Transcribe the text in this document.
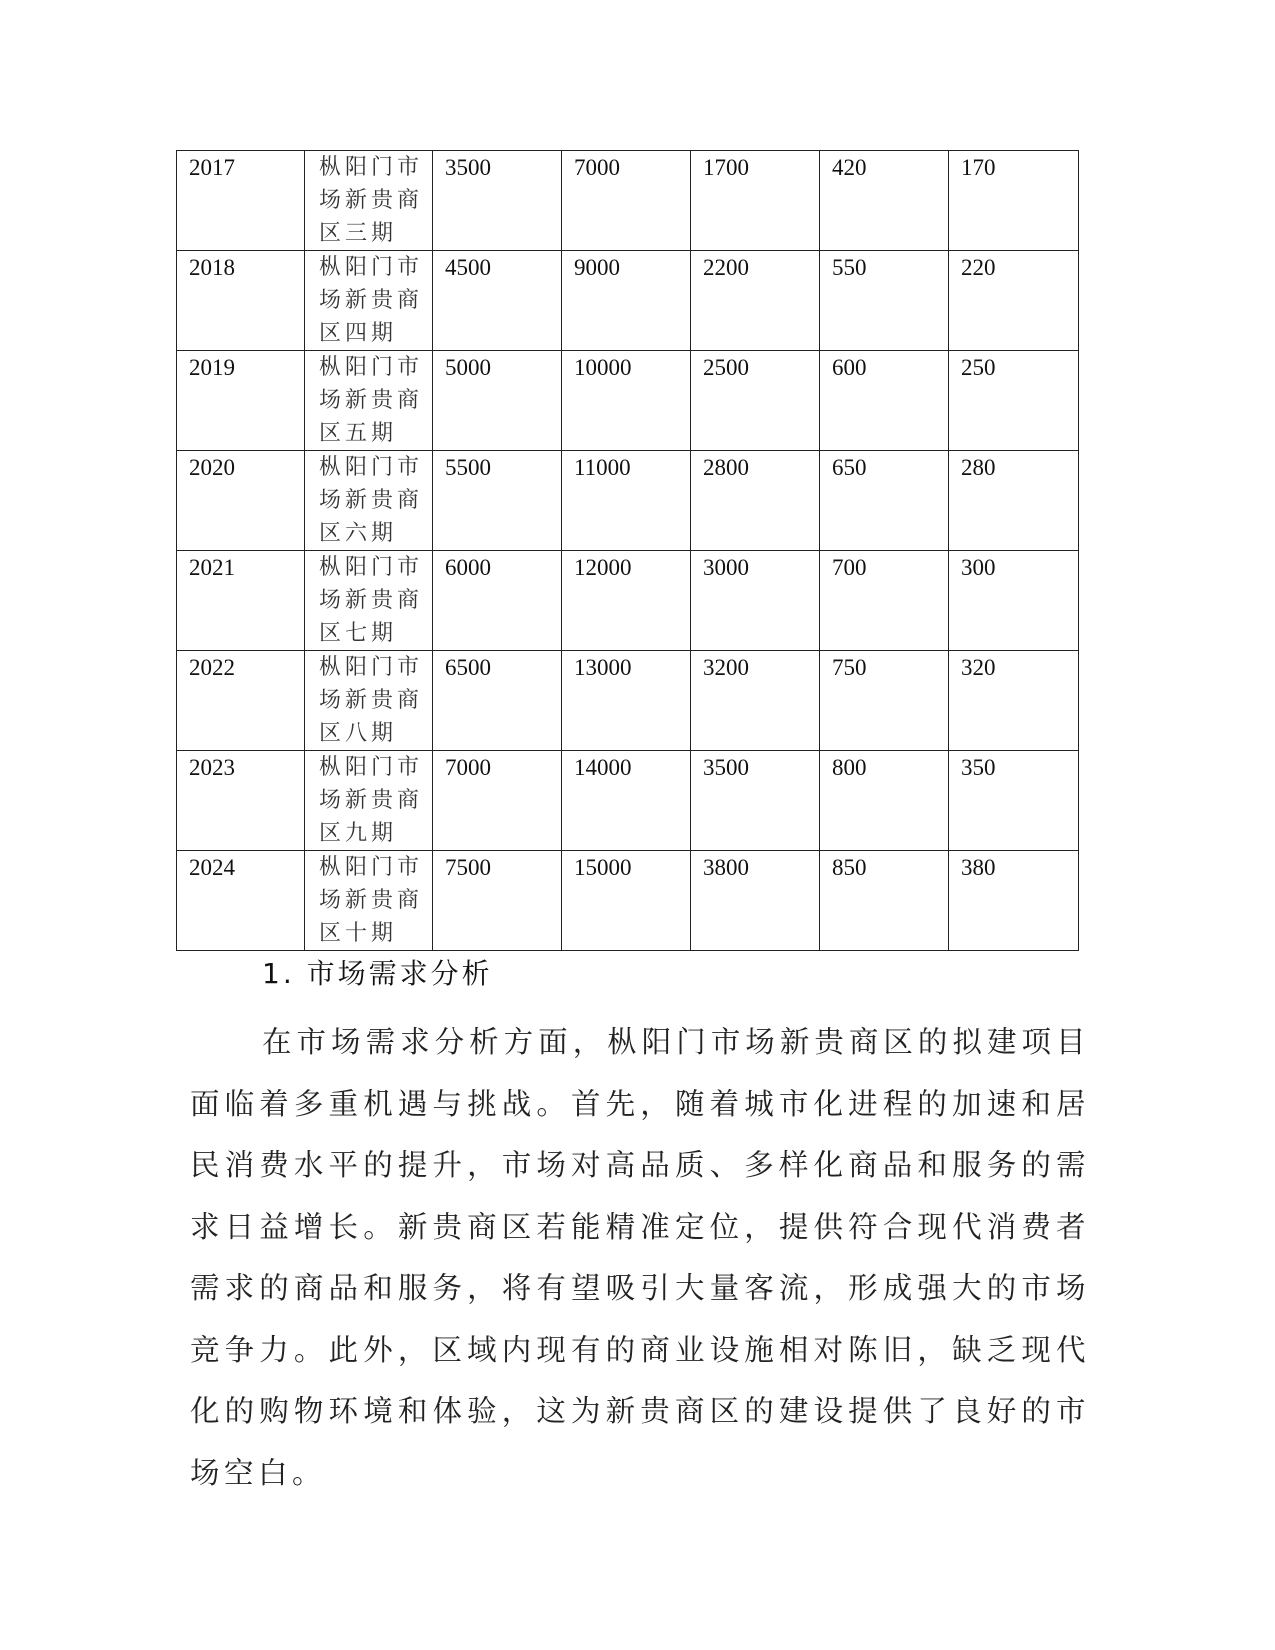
2017	枞阳门市场新贵商区三期	3500	7000	1700	420	170
2018	枞阳门市场新贵商区四期	4500	9000	2200	550	220
2019	枞阳门市场新贵商区五期	5000	10000	2500	600	250
2020	枞阳门市场新贵商区六期	5500	11000	2800	650	280
2021	枞阳门市场新贵商区七期	6000	12000	3000	700	300
2022	枞阳门市场新贵商区八期	6500	13000	3200	750	320
2023	枞阳门市场新贵商区九期	7000	14000	3500	800	350
2024	枞阳门市场新贵商区十期	7500	15000	3800	850	380
1. 市场需求分析

在市场需求分析方面，枞阳门市场新贵商区的拟建项目面临着多重机遇与挑战。首先，随着城市化进程的加速和居民消费水平的提升，市场对高品质、多样化商品和服务的需求日益增长。新贵商区若能精准定位，提供符合现代消费者需求的商品和服务，将有望吸引大量客流，形成强大的市场竞争力。此外，区域内现有的商业设施相对陈旧，缺乏现代化的购物环境和体验，这为新贵商区的建设提供了良好的市场空白。
